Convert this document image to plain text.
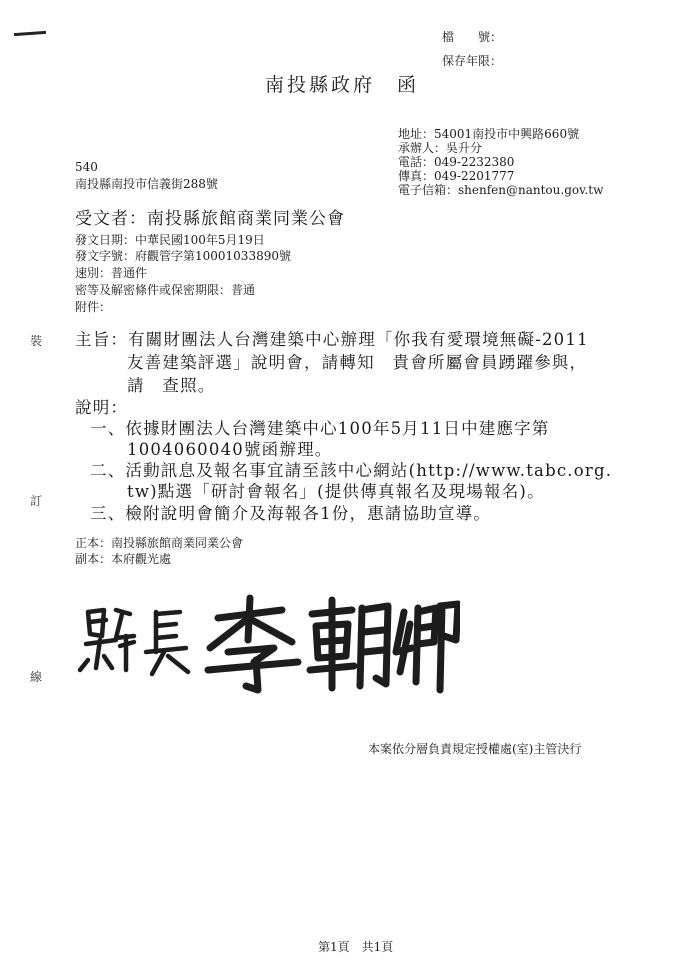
檔　　號：
保存年限：
南投縣政府　函
地址：54001南投市中興路660號
承辦人：吳升分
電話：049-2232380
傳真：049-2201777
電子信箱：shenfen@nantou.gov.tw
540
南投縣南投市信義街288號
受文者：南投縣旅館商業同業公會
發文日期：中華民國100年5月19日
發文字號：府觀管字第10001033890號
速別：普通件
密等及解密條件或保密期限：普通
附件：
主旨：有關財團法人台灣建築中心辦理「你我有愛環境無礙-2011
友善建築評選」說明會，請轉知　貴會所屬會員踴躍參與，
請　查照。
說明：
一、依據財團法人台灣建築中心100年5月11日中建應字第
1004060040號函辦理。
二、活動訊息及報名事宜請至該中心網站(http://www.tabc.org.
tw)點選「研討會報名」(提供傳真報名及現場報名)。
三、檢附說明會簡介及海報各1份，惠請協助宣導。
正本：南投縣旅館商業同業公會
副本：本府觀光處
本案依分層負責規定授權處(室)主管決行
裝
訂
線
第1頁　共1頁
